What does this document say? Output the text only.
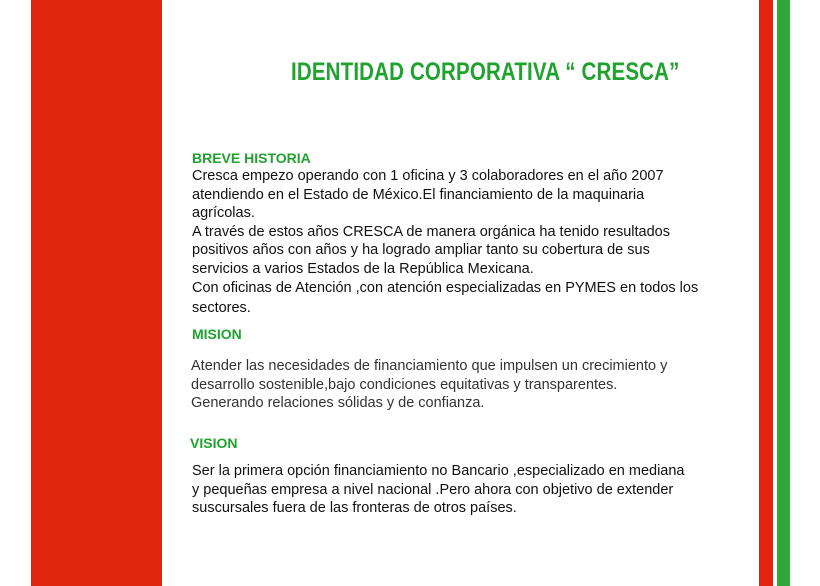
IDENTIDAD CORPORATIVA “ CRESCA”
BREVE HISTORIA
Cresca empezo operando con 1 oficina y 3 colaboradores en el año 2007
atendiendo en el Estado de México.El financiamiento de la maquinaria
agrícolas.
A través de estos años CRESCA de manera orgánica ha tenido resultados
positivos años con años y ha logrado ampliar tanto su cobertura de sus
servicios a varios Estados de la República Mexicana.
Con oficinas de Atención ,con atención especializadas en PYMES en todos los
sectores.
MISION
Atender las necesidades de financiamiento que impulsen un crecimiento y
desarrollo sostenible,bajo condiciones equitativas y transparentes.
Generando relaciones sólidas y de confianza.
VISION
Ser la primera opción financiamiento no Bancario ,especializado en mediana
y pequeñas empresa a nivel nacional .Pero ahora con objetivo de extender
suscursales fuera de las fronteras de otros países.
